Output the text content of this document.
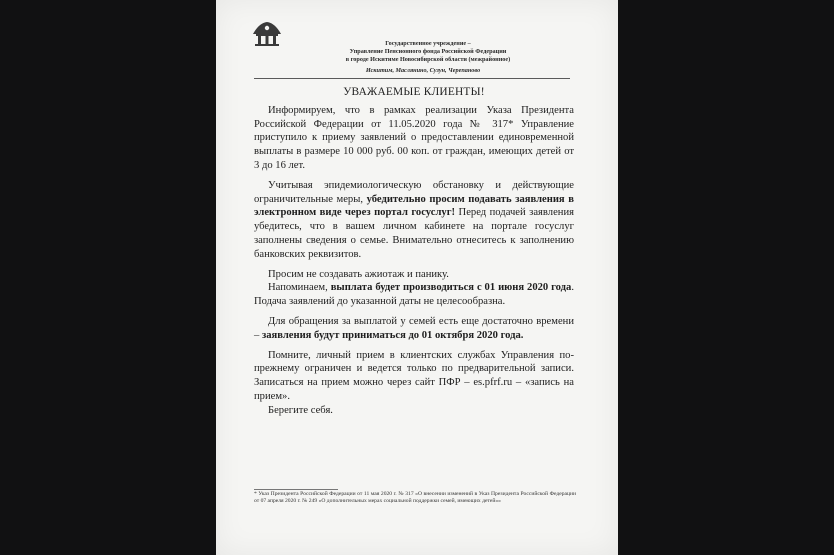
Государственное учреждение –
Управление Пенсионного фонда Российской Федерации
в городе Искитиме Новосибирской области (межрайонное)
Искитим, Маслянино, Сузун, Черепаново
УВАЖАЕМЫЕ КЛИЕНТЫ!

Информируем, что в рамках реализации Указа Президента Российской Федерации от 11.05.2020 года № 317* Управление приступило к приему заявлений о предоставлении единовременной выплаты в размере 10 000 руб. 00 коп. от граждан, имеющих детей от 3 до 16 лет.

Учитывая эпидемиологическую обстановку и действующие ограничительные меры, убедительно просим подавать заявления в электронном виде через портал госуслуг! Перед подачей заявления убедитесь, что в вашем личном кабинете на портале госуслуг заполнены сведения о семье. Внимательно отнеситесь к заполнению банковских реквизитов.

Просим не создавать ажиотаж и панику.

Напоминаем, выплата будет производиться с 01 июня 2020 года. Подача заявлений до указанной даты не целесообразна.

Для обращения за выплатой у семей есть еще достаточно времени – заявления будут приниматься до 01 октября 2020 года.

Помните, личный прием в клиентских службах Управления по-прежнему ограничен и ведется только по предварительной записи. Записаться на прием можно через сайт ПФР – es.pfrf.ru – «запись на прием».

Берегите себя.

* Указ Президента Российской Федерации от 11 мая 2020 г. № 317 «О внесении изменений в Указ Президента Российской Федерации от 07 апреля 2020 г. № 249 «О дополнительных мерах социальной поддержки семей, имеющих детей»»
